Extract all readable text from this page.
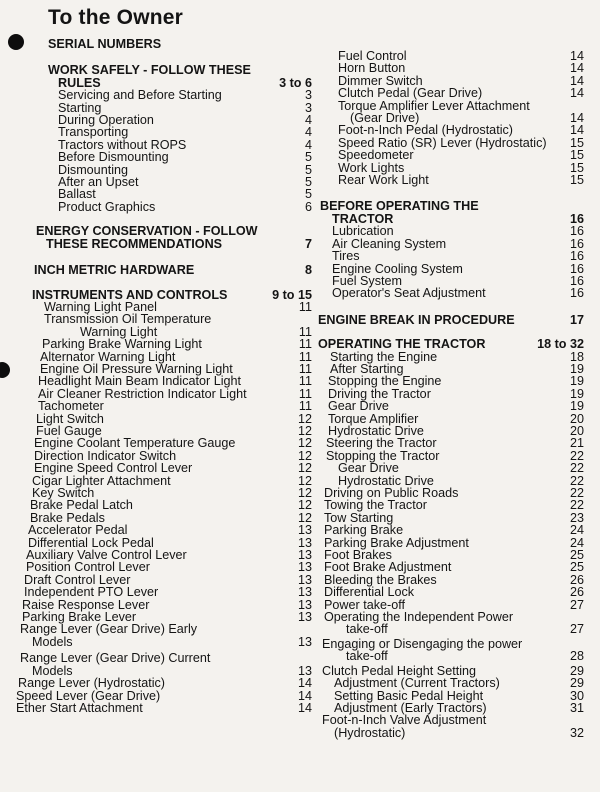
To the Owner
SERIAL NUMBERS
WORK SAFELY - FOLLOW THESE
RULES	3 to 6
Servicing and Before Starting	3
Starting	3
During Operation	4
Transporting	4
Tractors without ROPS	4
Before Dismounting	5
Dismounting	5
After an Upset	5
Ballast	5
Product Graphics	6
ENERGY CONSERVATION - FOLLOW
THESE RECOMMENDATIONS	7
INCH METRIC HARDWARE	8
INSTRUMENTS AND CONTROLS	9 to 15
Warning Light Panel	11
Transmission Oil Temperature
Warning Light	11
Parking Brake Warning Light	11
Alternator Warning Light	11
Engine Oil Pressure Warning Light	11
Headlight Main Beam Indicator Light	11
Air Cleaner Restriction Indicator Light	11
Tachometer	11
Light Switch	12
Fuel Gauge	12
Engine Coolant Temperature Gauge	12
Direction Indicator Switch	12
Engine Speed Control Lever	12
Cigar Lighter Attachment	12
Key Switch	12
Brake Pedal Latch	12
Brake Pedals	12
Accelerator Pedal	13
Differential Lock Pedal	13
Auxiliary Valve Control Lever	13
Position Control Lever	13
Draft Control Lever	13
Independent PTO Lever	13
Raise Response Lever	13
Parking Brake Lever	13
Range Lever (Gear Drive) Early
Models	13
Range Lever (Gear Drive) Current
Models	13
Range Lever (Hydrostatic)	14
Speed Lever (Gear Drive)	14
Ether Start Attachment	14
Fuel Control	14
Horn Button	14
Dimmer Switch	14
Clutch Pedal (Gear Drive)	14
Torque Amplifier Lever Attachment
(Gear Drive)	14
Foot-n-Inch Pedal (Hydrostatic)	14
Speed Ratio (SR) Lever (Hydrostatic) 15
Speedometer	15
Work Lights	15
Rear Work Light	15
BEFORE OPERATING THE
TRACTOR	16
Lubrication	16
Air Cleaning System	16
Tires	16
Engine Cooling System	16
Fuel System	16
Operator's Seat Adjustment	16
ENGINE BREAK IN PROCEDURE	17
OPERATING THE TRACTOR	18 to 32
Starting the Engine	18
After Starting	19
Stopping the Engine	19
Driving the Tractor	19
Gear Drive	19
Torque Amplifier	20
Hydrostatic Drive	20
Steering the Tractor	21
Stopping the Tractor	22
Gear Drive	22
Hydrostatic Drive	22
Driving on Public Roads	22
Towing the Tractor	22
Tow Starting	23
Parking Brake	24
Parking Brake Adjustment	24
Foot Brakes	25
Foot Brake Adjustment	25
Bleeding the Brakes	26
Differential Lock	26
Power take-off	27
Operating the Independent Power
take-off	27
Engaging or Disengaging the power
take-off	28
Clutch Pedal Height Setting	29
Adjustment (Current Tractors)	29
Setting Basic Pedal Height	30
Adjustment (Early Tractors)	31
Foot-n-Inch Valve Adjustment
(Hydrostatic)	32
